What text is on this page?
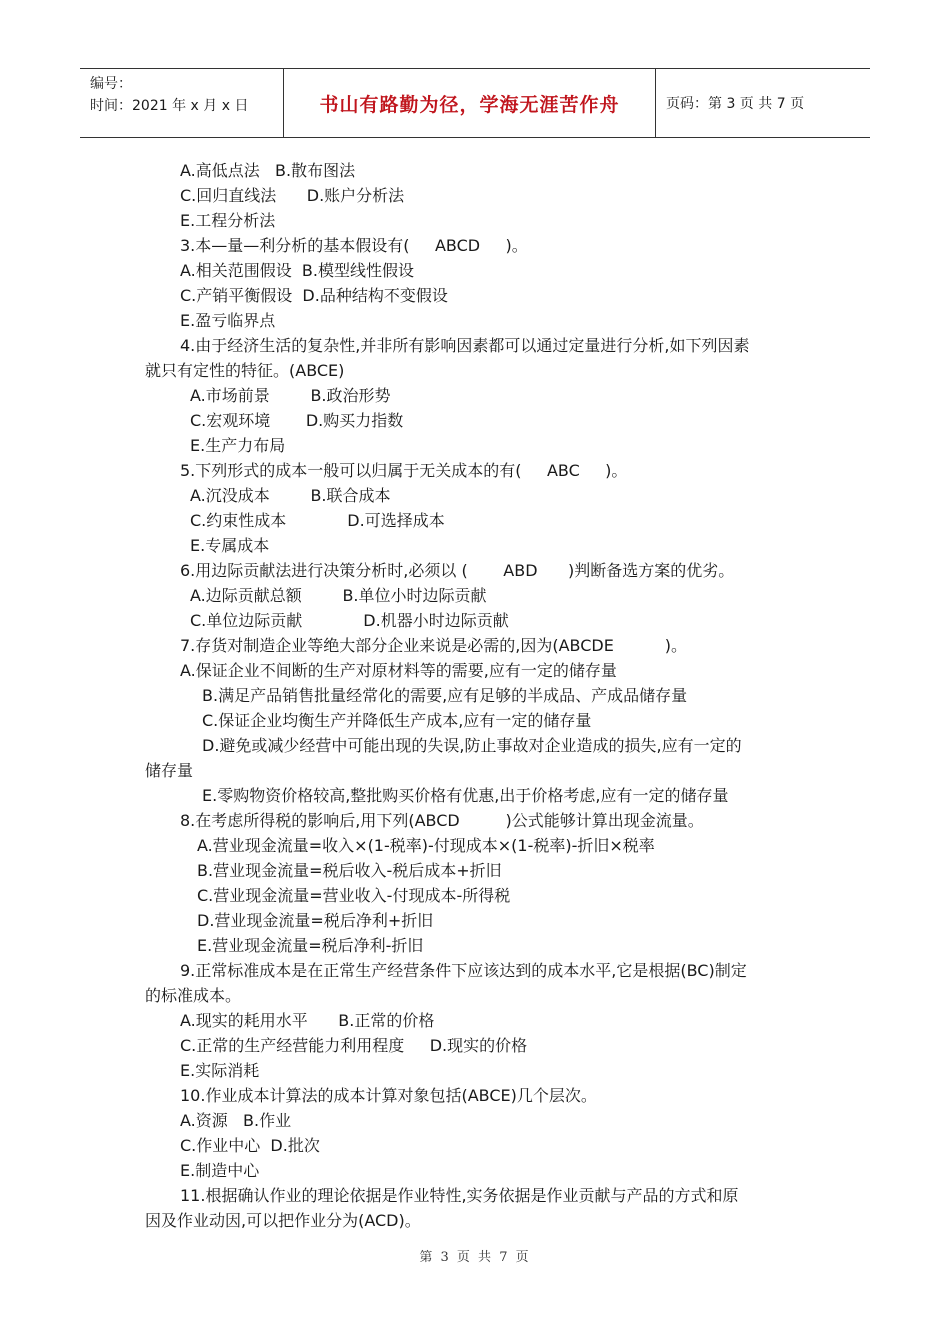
编号：
时间：2021 年 x 月 x 日	书山有路勤为径，学海无涯苦作舟	页码：第 3 页 共 7 页
A.高低点法   B.散布图法
C.回归直线法      D.账户分析法
E.工程分析法
3.本—量—利分析的基本假设有(     ABCD     )。
A.相关范围假设  B.模型线性假设
C.产销平衡假设  D.品种结构不变假设
E.盈亏临界点
4.由于经济生活的复杂性,并非所有影响因素都可以通过定量进行分析,如下列因素
就只有定性的特征。(ABCE)
A.市场前景        B.政治形势
C.宏观环境       D.购买力指数
E.生产力布局
5.下列形式的成本一般可以归属于无关成本的有(     ABC     )。
A.沉没成本        B.联合成本
C.约束性成本            D.可选择成本
E.专属成本
6.用边际贡献法进行决策分析时,必须以 (       ABD      )判断备选方案的优劣。
A.边际贡献总额        B.单位小时边际贡献
C.单位边际贡献            D.机器小时边际贡献
7.存货对制造企业等绝大部分企业来说是必需的,因为(ABCDE          )。
A.保证企业不间断的生产对原材料等的需要,应有一定的储存量
B.满足产品销售批量经常化的需要,应有足够的半成品、产成品储存量
C.保证企业均衡生产并降低生产成本,应有一定的储存量
D.避免或减少经营中可能出现的失误,防止事故对企业造成的损失,应有一定的
储存量
E.零购物资价格较高,整批购买价格有优惠,出于价格考虑,应有一定的储存量
8.在考虑所得税的影响后,用下列(ABCD         )公式能够计算出现金流量。
A.营业现金流量=收入×(1-税率)-付现成本×(1-税率)-折旧×税率
B.营业现金流量=税后收入-税后成本+折旧
C.营业现金流量=营业收入-付现成本-所得税
D.营业现金流量=税后净利+折旧
E.营业现金流量=税后净利-折旧
9.正常标准成本是在正常生产经营条件下应该达到的成本水平,它是根据(BC)制定
的标准成本。
A.现实的耗用水平      B.正常的价格
C.正常的生产经营能力利用程度     D.现实的价格
E.实际消耗
10.作业成本计算法的成本计算对象包括(ABCE)几个层次。
A.资源   B.作业
C.作业中心  D.批次
E.制造中心
11.根据确认作业的理论依据是作业特性,实务依据是作业贡献与产品的方式和原
因及作业动因,可以把作业分为(ACD)。
第 3 页 共 7 页
